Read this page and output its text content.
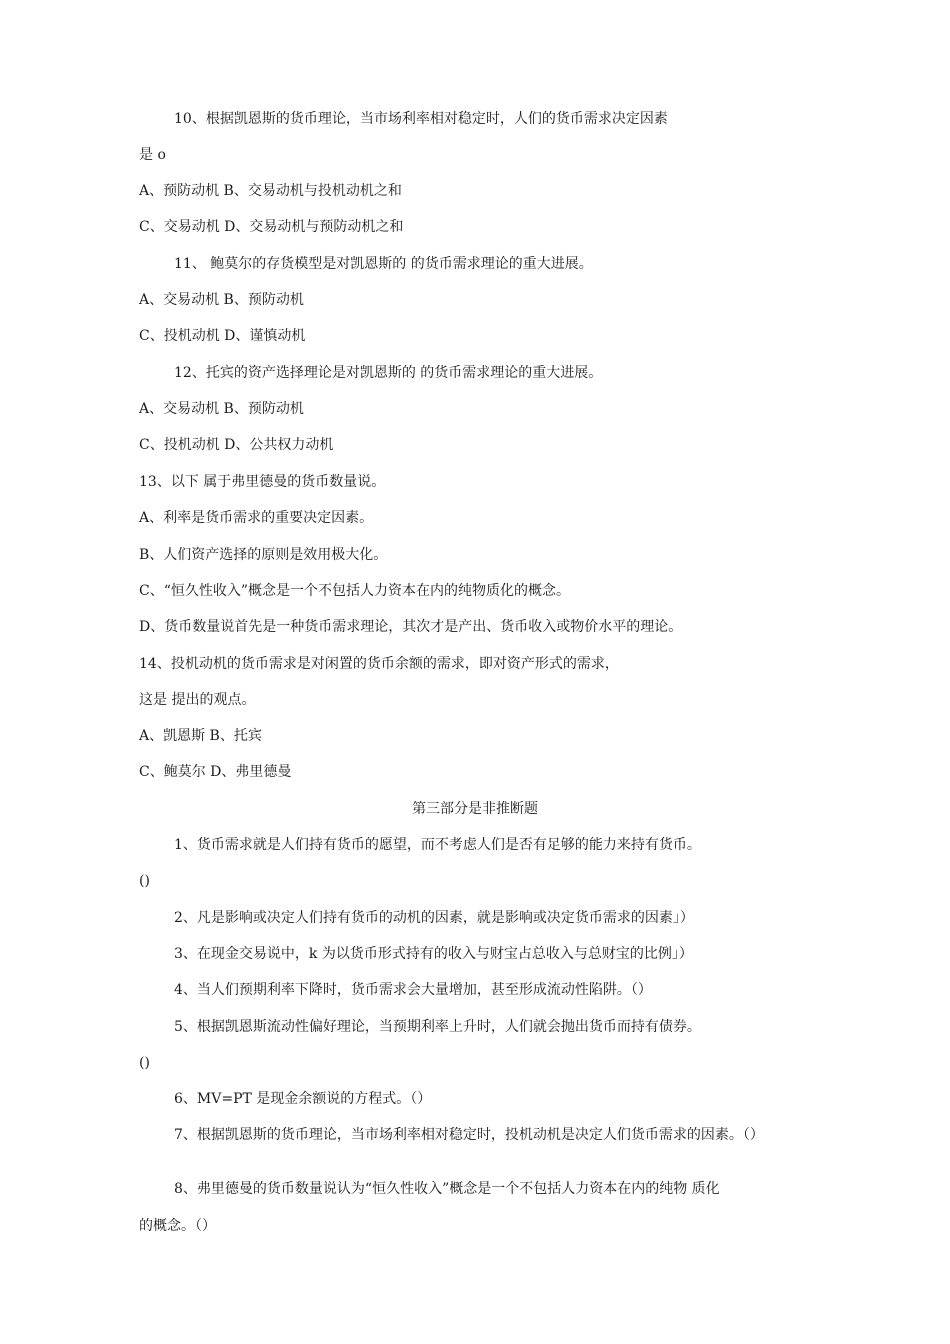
10、根据凯恩斯的货币理论，当市场利率相对稳定时，人们的货币需求决定因素
是 o
A、预防动机 B、交易动机与投机动机之和
C、交易动机 D、交易动机与预防动机之和
11、 鲍莫尔的存货模型是对凯恩斯的 的货币需求理论的重大进展。
A、交易动机 B、预防动机
C、投机动机 D、谨慎动机
12、托宾的资产选择理论是对凯恩斯的 的货币需求理论的重大进展。
A、交易动机 B、预防动机
C、投机动机 D、公共权力动机
13、以下 属于弗里德曼的货币数量说。
A、利率是货币需求的重要决定因素。
B、人们资产选择的原则是效用极大化。
C、“恒久性收入”概念是一个不包括人力资本在内的纯物质化的概念。
D、货币数量说首先是一种货币需求理论，其次才是产出、货币收入或物价水平的理论。
14、投机动机的货币需求是对闲置的货币余额的需求，即对资产形式的需求，
这是 提出的观点。
A、凯恩斯 B、托宾
C、鲍莫尔 D、弗里德曼
第三部分是非推断题
1、货币需求就是人们持有货币的愿望，而不考虑人们是否有足够的能力来持有货币。
()
2、凡是影响或决定人们持有货币的动机的因素，就是影响或决定货币需求的因素」）
3、在现金交易说中，k 为以货币形式持有的收入与财宝占总收入与总财宝的比例」）
4、当人们预期利率下降时，货币需求会大量增加，甚至形成流动性陷阱。（）
5、根据凯恩斯流动性偏好理论，当预期利率上升时，人们就会抛出货币而持有债券。
()
6、MV=PT 是现金余额说的方程式。（）
7、根据凯恩斯的货币理论，当市场利率相对稳定时，投机动机是决定人们货币需求的因素。（）
8、弗里德曼的货币数量说认为“恒久性收入”概念是一个不包括人力资本在内的纯物 质化
的概念。（）
